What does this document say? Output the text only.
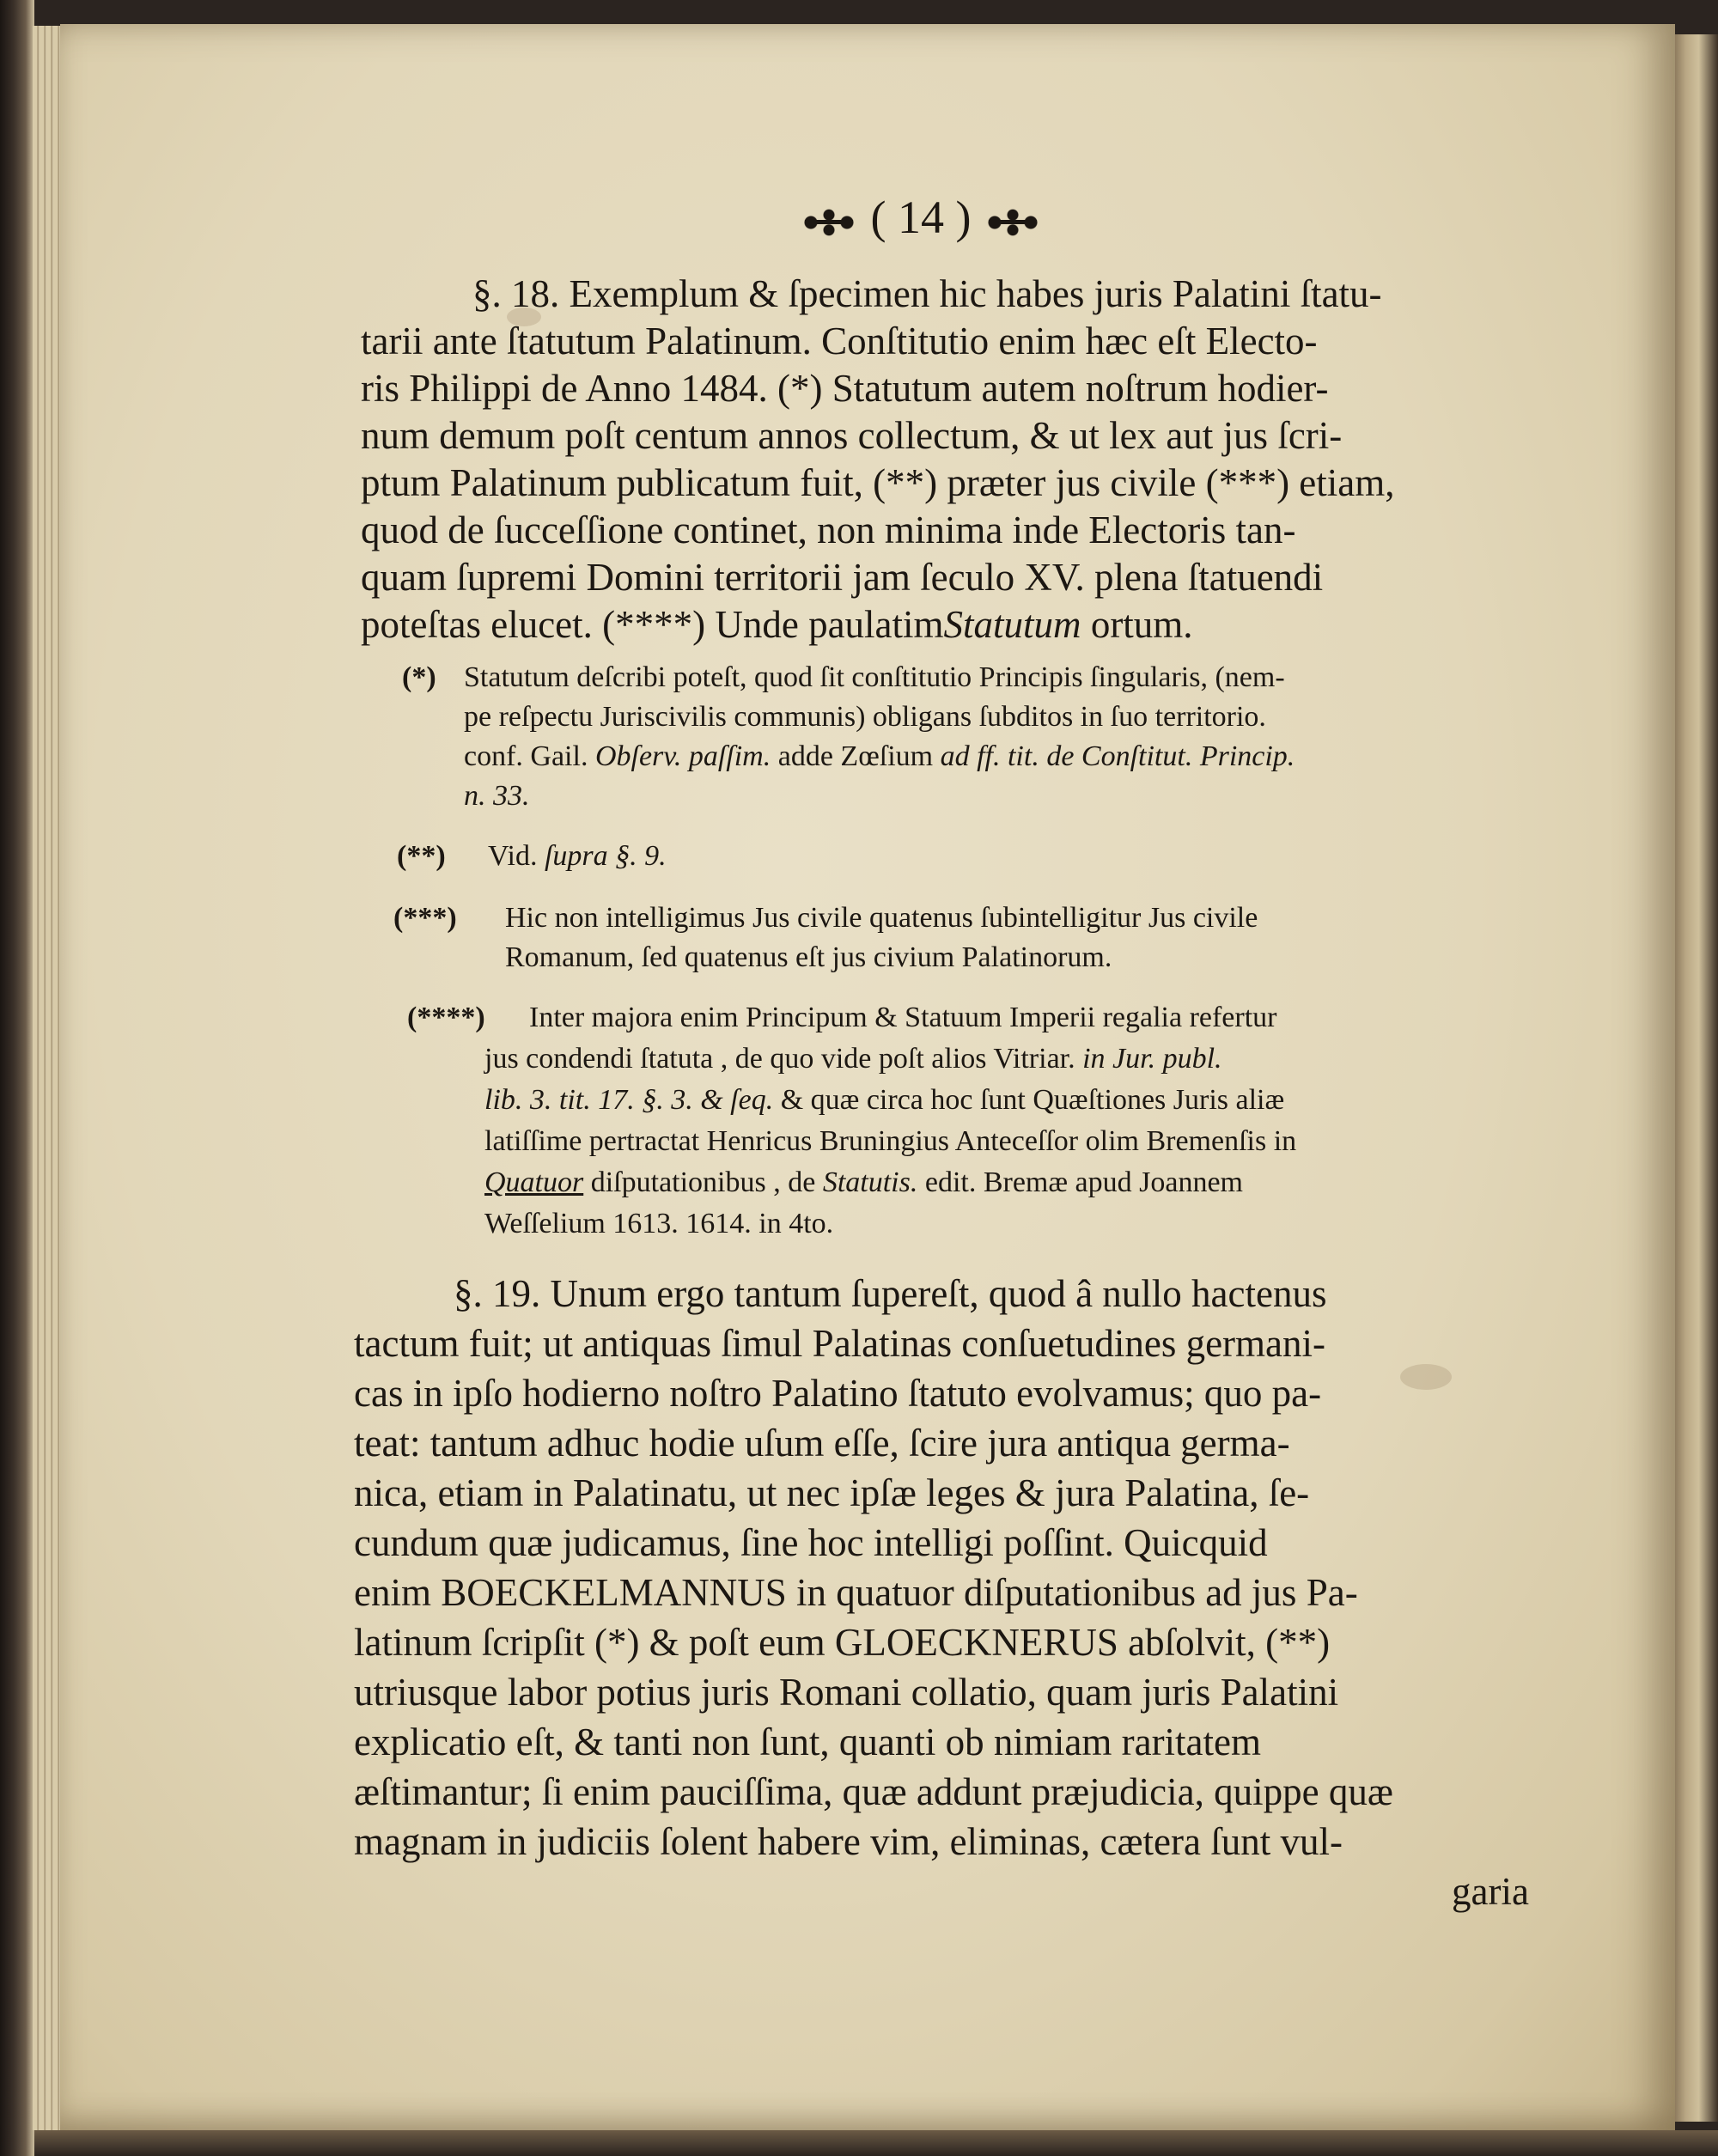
( 14 )
§. 18. Exemplum & ſpecimen hic habes juris Palatini ſtatu-
tarii ante ſtatutum Palatinum. Conſtitutio enim hæc eſt Electo-
ris Philippi de Anno 1484. (*) Statutum autem noſtrum hodier-
num demum poſt centum annos collectum, & ut lex aut jus ſcri-
ptum Palatinum publicatum fuit, (**) præter jus civile (***) etiam,
quod de ſucceſſione continet, non minima inde Electoris tan-
quam ſupremi Domini territorii jam ſeculo XV. plena ſtatuendi
poteſtas elucet. (****) Unde paulatimStatutum ortum.
(*) Statutum deſcribi poteſt, quod ſit conſtitutio Principis ſingularis, (nem-
pe reſpectu Juriscivilis communis) obligans ſubditos in ſuo territorio.
conf. Gail. Obſerv. paſſim. adde Zœſium ad ff. tit. de Conſtitut. Princip.
n. 33.
(**) Vid. ſupra §. 9.
(***) Hic non intelligimus Jus civile quatenus ſubintelligitur Jus civile
Romanum, ſed quatenus eſt jus civium Palatinorum.
(****) Inter majora enim Principum & Statuum Imperii regalia refertur
jus condendi ſtatuta , de quo vide poſt alios Vitriar. in Jur. publ.
lib. 3. tit. 17. §. 3. & ſeq. & quæ circa hoc ſunt Quæſtiones Juris aliæ
latiſſime pertractat Henricus Bruningius Anteceſſor olim Bremenſis in
Quatuor diſputationibus , de Statutis. edit. Bremæ apud Joannem
Weſſelium 1613. 1614. in 4to.
§. 19. Unum ergo tantum ſupereſt, quod â nullo hactenus
tactum fuit; ut antiquas ſimul Palatinas conſuetudines germani-
cas in ipſo hodierno noſtro Palatino ſtatuto evolvamus; quo pa-
teat: tantum adhuc hodie uſum eſſe, ſcire jura antiqua germa-
nica, etiam in Palatinatu, ut nec ipſæ leges & jura Palatina, ſe-
cundum quæ judicamus, ſine hoc intelligi poſſint. Quicquid
enim BOECKELMANNUS in quatuor diſputationibus ad jus Pa-
latinum ſcripſit (*) & poſt eum GLOECKNERUS abſolvit, (**)
utriusque labor potius juris Romani collatio, quam juris Palatini
explicatio eſt, & tanti non ſunt, quanti ob nimiam raritatem
æſtimantur; ſi enim pauciſſima, quæ addunt præjudicia, quippe quæ
magnam in judiciis ſolent habere vim, eliminas, cætera ſunt vul-
garia
